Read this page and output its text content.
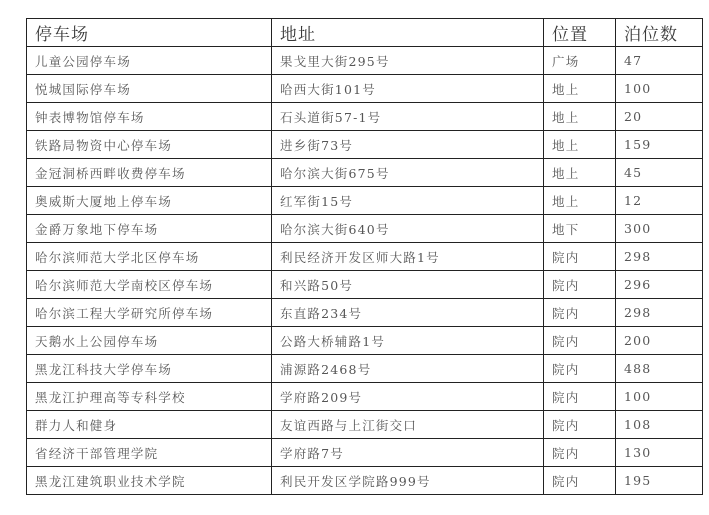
停车场	地址	位置	泊位数
儿童公园停车场	果戈里大街295号	广场	47
悦城国际停车场	哈西大街101号	地上	100
钟表博物馆停车场	石头道街57-1号	地上	20
铁路局物资中心停车场	进乡街73号	地上	159
金冠洞桥西畔收费停车场	哈尔滨大街675号	地上	45
奥威斯大厦地上停车场	红军街15号	地上	12
金爵万象地下停车场	哈尔滨大街640号	地下	300
哈尔滨师范大学北区停车场	利民经济开发区师大路1号	院内	298
哈尔滨师范大学南校区停车场	和兴路50号	院内	296
哈尔滨工程大学研究所停车场	东直路234号	院内	298
天鹅水上公园停车场	公路大桥辅路1号	院内	200
黑龙江科技大学停车场	浦源路2468号	院内	488
黑龙江护理高等专科学校	学府路209号	院内	100
群力人和健身	友谊西路与上江街交口	院内	108
省经济干部管理学院	学府路7号	院内	130
黑龙江建筑职业技术学院	利民开发区学院路999号	院内	195
